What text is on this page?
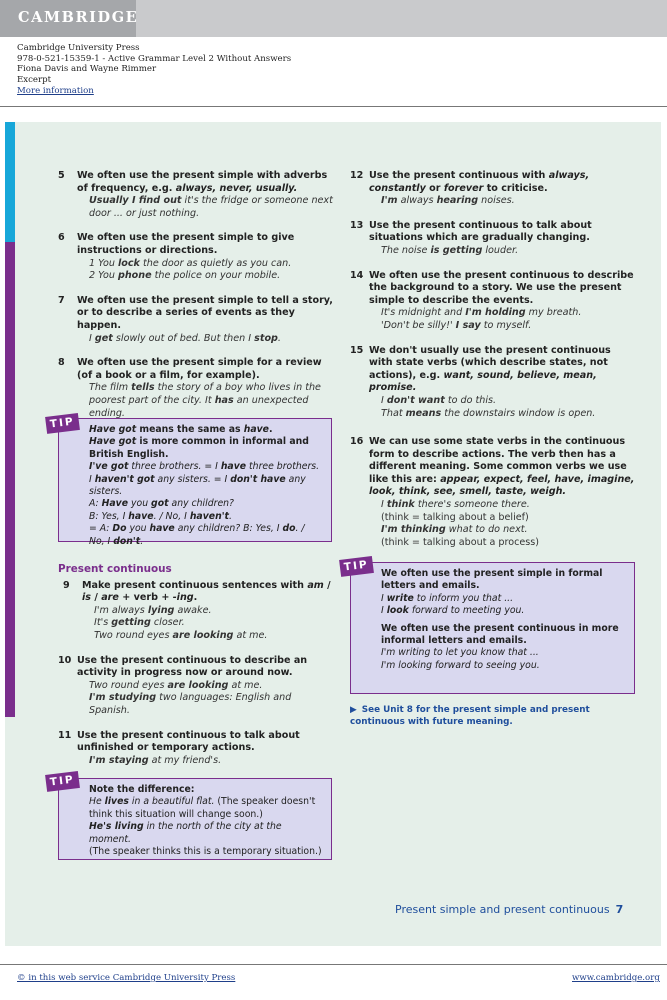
CAMBRIDGE
Cambridge University Press
978-0-521-15359-1 - Active Grammar Level 2 Without Answers
Fiona Davis and Wayne Rimmer
Excerpt
More information
5 We often use the present simple with adverbs of frequency, e.g. always, never, usually.
Usually I find out it's the fridge or someone next door ... or just nothing.
6 We often use the present simple to give instructions or directions.
1 You lock the door as quietly as you can.
2 You phone the police on your mobile.
7 We often use the present simple to tell a story, or to describe a series of events as they happen.
I get slowly out of bed. But then I stop.
8 We often use the present simple for a review (of a book or a film, for example).
The film tells the story of a boy who lives in the poorest part of the city. It has an unexpected ending.
Have got means the same as have.
Have got is more common in informal and British English.
I've got three brothers. = I have three brothers.
I haven't got any sisters. = I don't have any sisters.
A: Have you got any children?
B: Yes, I have. / No, I haven't.
= A: Do you have any children? B: Yes, I do. / No, I don't.
TIP
Present continuous
9 Make present continuous sentences with am / is / are + verb + -ing.
I'm always lying awake.
It's getting closer.
Two round eyes are looking at me.
10 Use the present continuous to describe an activity in progress now or around now.
Two round eyes are looking at me.
I'm studying two languages: English and Spanish.
11 Use the present continuous to talk about unfinished or temporary actions.
I'm staying at my friend's.
Note the difference:
He lives in a beautiful flat. (The speaker doesn't think this situation will change soon.)
He's living in the north of the city at the moment.
(The speaker thinks this is a temporary situation.)
TIP
12 Use the present continuous with always, constantly or forever to criticise.
I'm always hearing noises.
13 Use the present continuous to talk about situations which are gradually changing.
The noise is getting louder.
14 We often use the present continuous to describe the background to a story. We use the present simple to describe the events.
It's midnight and I'm holding my breath.
'Don't be silly!' I say to myself.
15 We don't usually use the present continuous with state verbs (which describe states, not actions), e.g. want, sound, believe, mean, promise.
I don't want to do this.
That means the downstairs window is open.
16 We can use some state verbs in the continuous form to describe actions. The verb then has a different meaning. Some common verbs we use like this are: appear, expect, feel, have, imagine, look, think, see, smell, taste, weigh.
I think there's someone there.
(think = talking about a belief)
I'm thinking what to do next.
(think = talking about a process)
We often use the present simple in formal letters and emails.
I write to inform you that ...
I look forward to meeting you.
We often use the present continuous in more informal letters and emails.
I'm writing to let you know that ...
I'm looking forward to seeing you.
TIP
▶ See Unit 8 for the present simple and present continuous with future meaning.
Present simple and present continuous 7
© in this web service Cambridge University Press	www.cambridge.org
